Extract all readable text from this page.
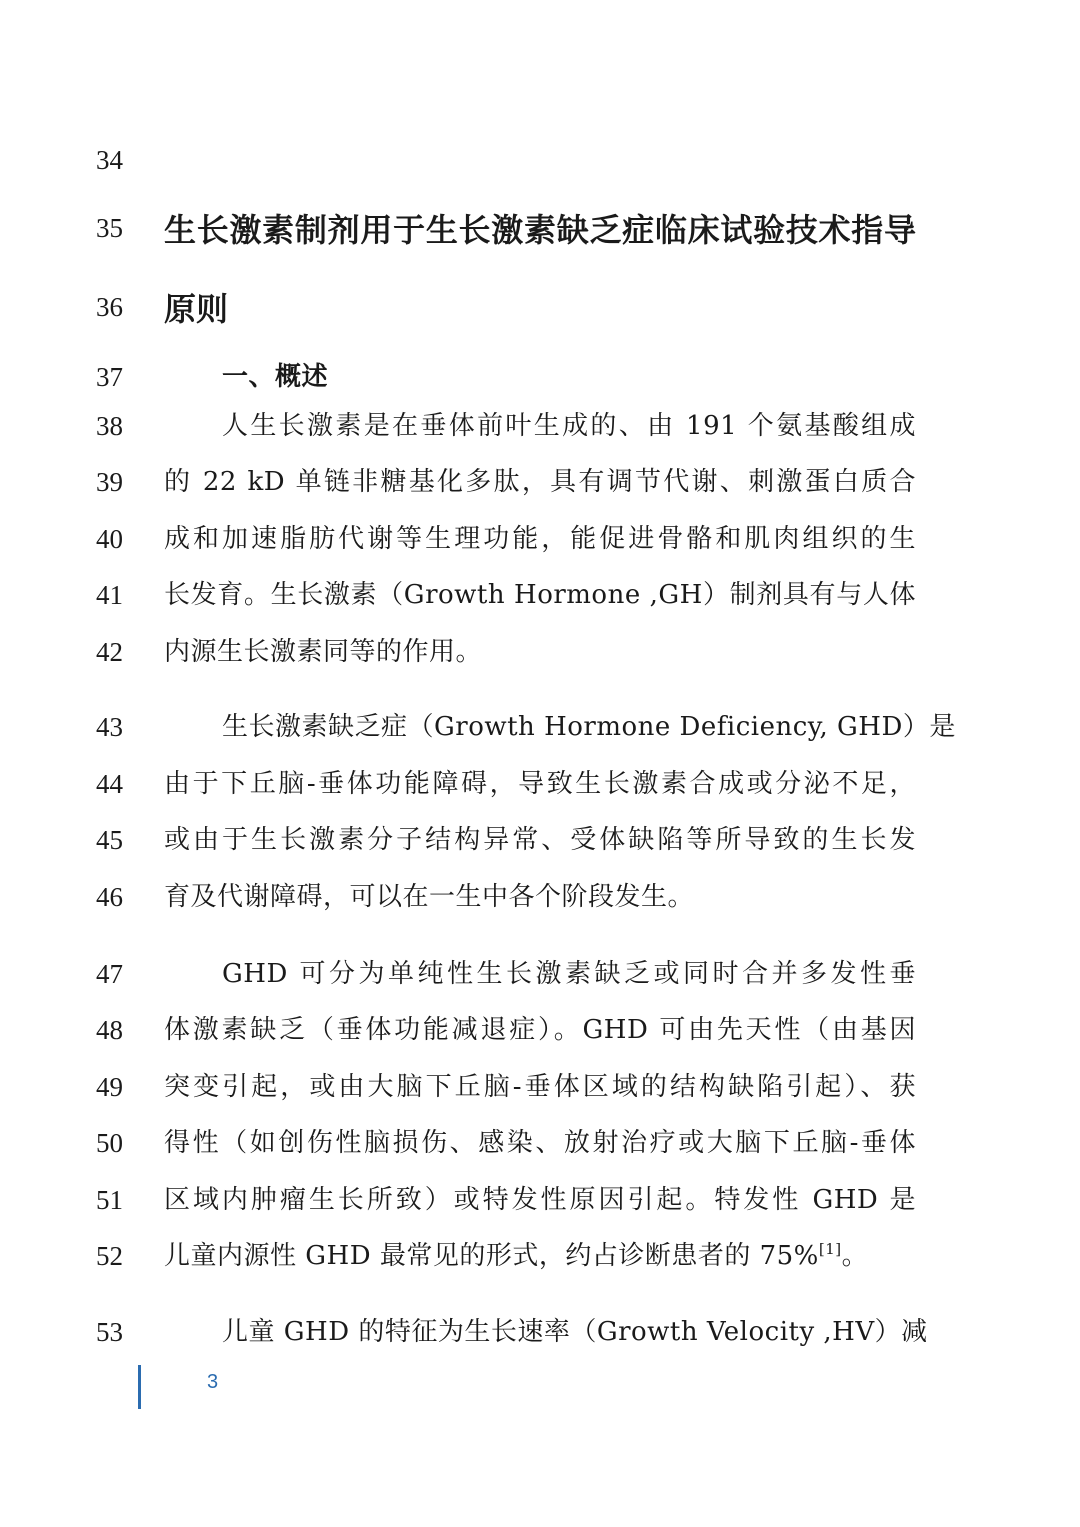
34
35	生长激素制剂用于生长激素缺乏症临床试验技术指导
36	原则
37	一、概述
38	人生长激素是在垂体前叶生成的、由 191 个氨基酸组成
39	的 22 kD 单链非糖基化多肽，具有调节代谢、刺激蛋白质合
40	成和加速脂肪代谢等生理功能，能促进骨骼和肌肉组织的生
41	长发育。生长激素（Growth Hormone ,GH）制剂具有与人体
42	内源生长激素同等的作用。
43	生长激素缺乏症（Growth Hormone Deficiency, GHD）是
44	由于下丘脑-垂体功能障碍，导致生长激素合成或分泌不足，
45	或由于生长激素分子结构异常、受体缺陷等所导致的生长发
46	育及代谢障碍，可以在一生中各个阶段发生。
47	GHD 可分为单纯性生长激素缺乏或同时合并多发性垂
48	体激素缺乏（垂体功能减退症）。GHD 可由先天性（由基因
49	突变引起，或由大脑下丘脑-垂体区域的结构缺陷引起）、获
50	得性（如创伤性脑损伤、感染、放射治疗或大脑下丘脑-垂体
51	区域内肿瘤生长所致）或特发性原因引起。特发性 GHD 是
52	儿童内源性 GHD 最常见的形式，约占诊断患者的 75%[1]。
53	儿童 GHD 的特征为生长速率（Growth Velocity ,HV）减
3
